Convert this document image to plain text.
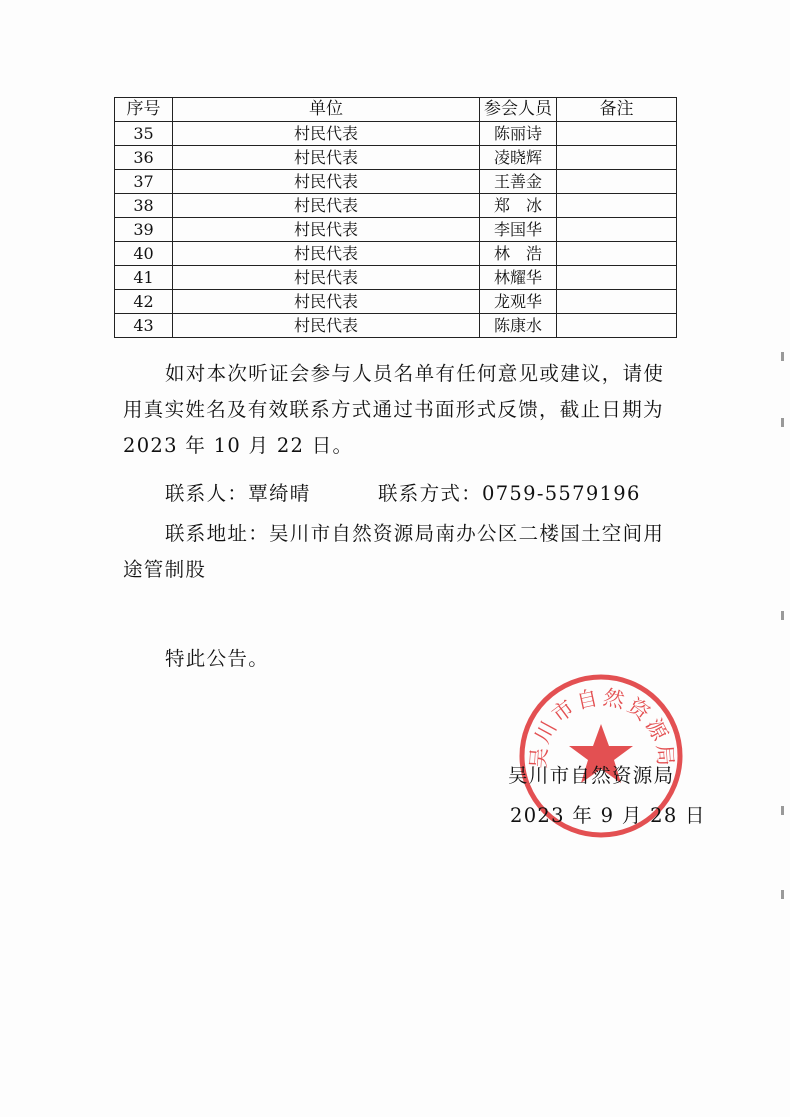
序号	单位	参会人员	备注
35	村民代表	陈丽诗	
36	村民代表	凌晓辉	
37	村民代表	王善金	
38	村民代表	郑　冰	
39	村民代表	李国华	
40	村民代表	林　浩	
41	村民代表	林耀华	
42	村民代表	龙观华	
43	村民代表	陈康水	
如对本次听证会参与人员名单有任何意见或建议，请使用真实姓名及有效联系方式通过书面形式反馈，截止日期为2023 年 10 月 22 日。
联系人：覃绮晴	联系方式：0759-5579196
联系地址：吴川市自然资源局南办公区二楼国土空间用途管制股
特此公告。
吴川市自然资源局
吴川市自然资源局
2023 年 9 月 28 日
